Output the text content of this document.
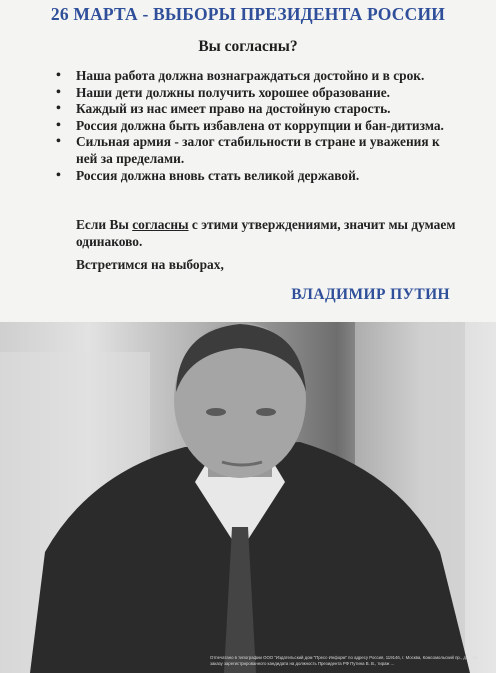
26 МАРТА - ВЫБОРЫ ПРЕЗИДЕНТА РОССИИ
Вы согласны?
• Наша работа должна вознаграждаться достойно и в срок.
• Наши дети должны получить хорошее образование.
• Каждый из нас имеет право на достойную старость.
• Россия должна быть избавлена от коррупции и бан-дитизма.
• Сильная армия - залог стабильности в стране и уважения к ней за пределами.
• Россия должна вновь стать великой державой.
Если Вы согласны с этими утверждениями, значит мы думаем одинаково.
Встретимся на выборах,
ВЛАДИМИР ПУТИН
Отпечатано в типографии ООО "Издательский дом "Пресс-Информ" по адресу Россия, 119146, г. Москва, Комсомольский пр., д. ... по заказу зарегистрированного кандидата на должность Президента РФ Путина В. В., тираж ...
